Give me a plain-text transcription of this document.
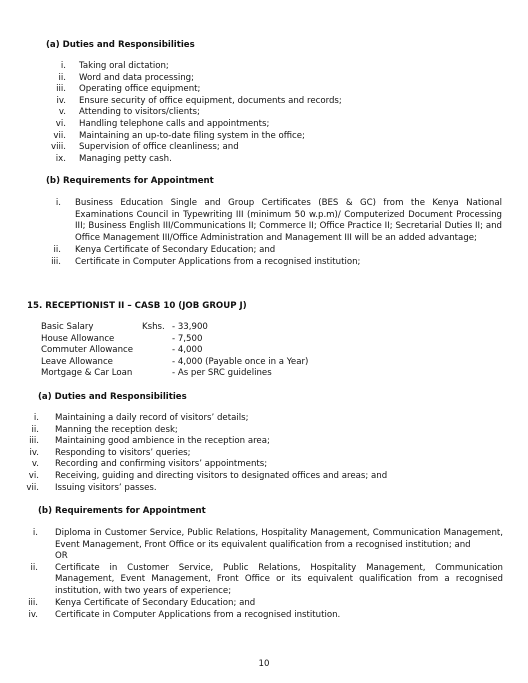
(a) Duties and Responsibilities
i. Taking oral dictation;
ii. Word and data processing;
iii. Operating office equipment;
iv. Ensure security of office equipment, documents and records;
v. Attending to visitors/clients;
vi. Handling telephone calls and appointments;
vii. Maintaining an up-to-date filing system in the office;
viii. Supervision of office cleanliness; and
ix. Managing petty cash.
(b) Requirements for Appointment
i. Business Education Single and Group Certificates (BES & GC) from the Kenya National Examinations Council in Typewriting III (minimum 50 w.p.m)/ Computerized Document Processing III; Business English III/Communications II; Commerce II; Office Practice II; Secretarial Duties II; and Office Management III/Office Administration and Management III will be an added advantage;
ii. Kenya Certificate of Secondary Education; and
iii. Certificate in Computer Applications from a recognised institution;
15. RECEPTIONIST II – CASB 10 (JOB GROUP J)
Basic Salary	Kshs. - 33,900
House Allowance	- 7,500
Commuter Allowance	- 4,000
Leave Allowance	- 4,000 (Payable once in a Year)
Mortgage & Car Loan	- As per SRC guidelines
(a) Duties and Responsibilities
i. Maintaining a daily record of visitors’ details;
ii. Manning the reception desk;
iii. Maintaining good ambience in the reception area;
iv. Responding to visitors’ queries;
v. Recording and confirming visitors’ appointments;
vi. Receiving, guiding and directing visitors to designated offices and areas; and
vii. Issuing visitors’ passes.
(b) Requirements for Appointment
i. Diploma in Customer Service, Public Relations, Hospitality Management, Communication Management, Event Management, Front Office or its equivalent qualification from a recognised institution; and
OR
ii. Certificate in Customer Service, Public Relations, Hospitality Management, Communication Management, Event Management, Front Office or its equivalent qualification from a recognised institution, with two years of experience;
iii. Kenya Certificate of Secondary Education; and
iv. Certificate in Computer Applications from a recognised institution.
10
